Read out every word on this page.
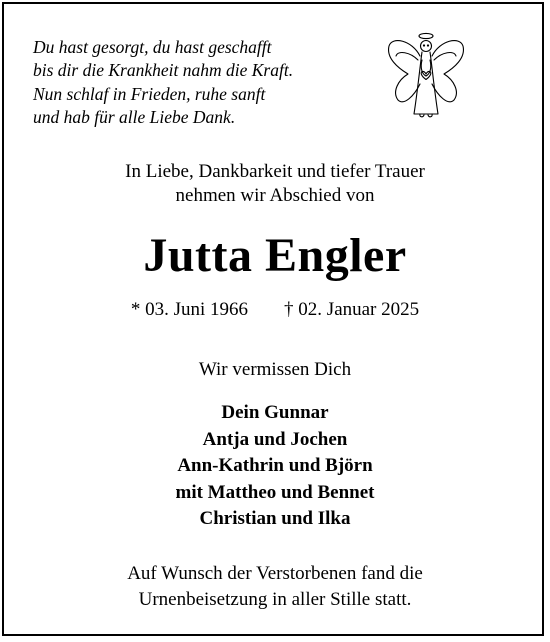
Du hast gesorgt, du hast geschafft
bis dir die Krankheit nahm die Kraft.
Nun schlaf in Frieden, ruhe sanft
und hab für alle Liebe Dank.
In Liebe, Dankbarkeit und tiefer Trauer
nehmen wir Abschied von
Jutta Engler
* 03. Juni 1966 † 02. Januar 2025
Wir vermissen Dich
Dein Gunnar
Antja und Jochen
Ann-Kathrin und Björn
mit Mattheo und Bennet
Christian und Ilka
Auf Wunsch der Verstorbenen fand die
Urnenbeisetzung in aller Stille statt.
